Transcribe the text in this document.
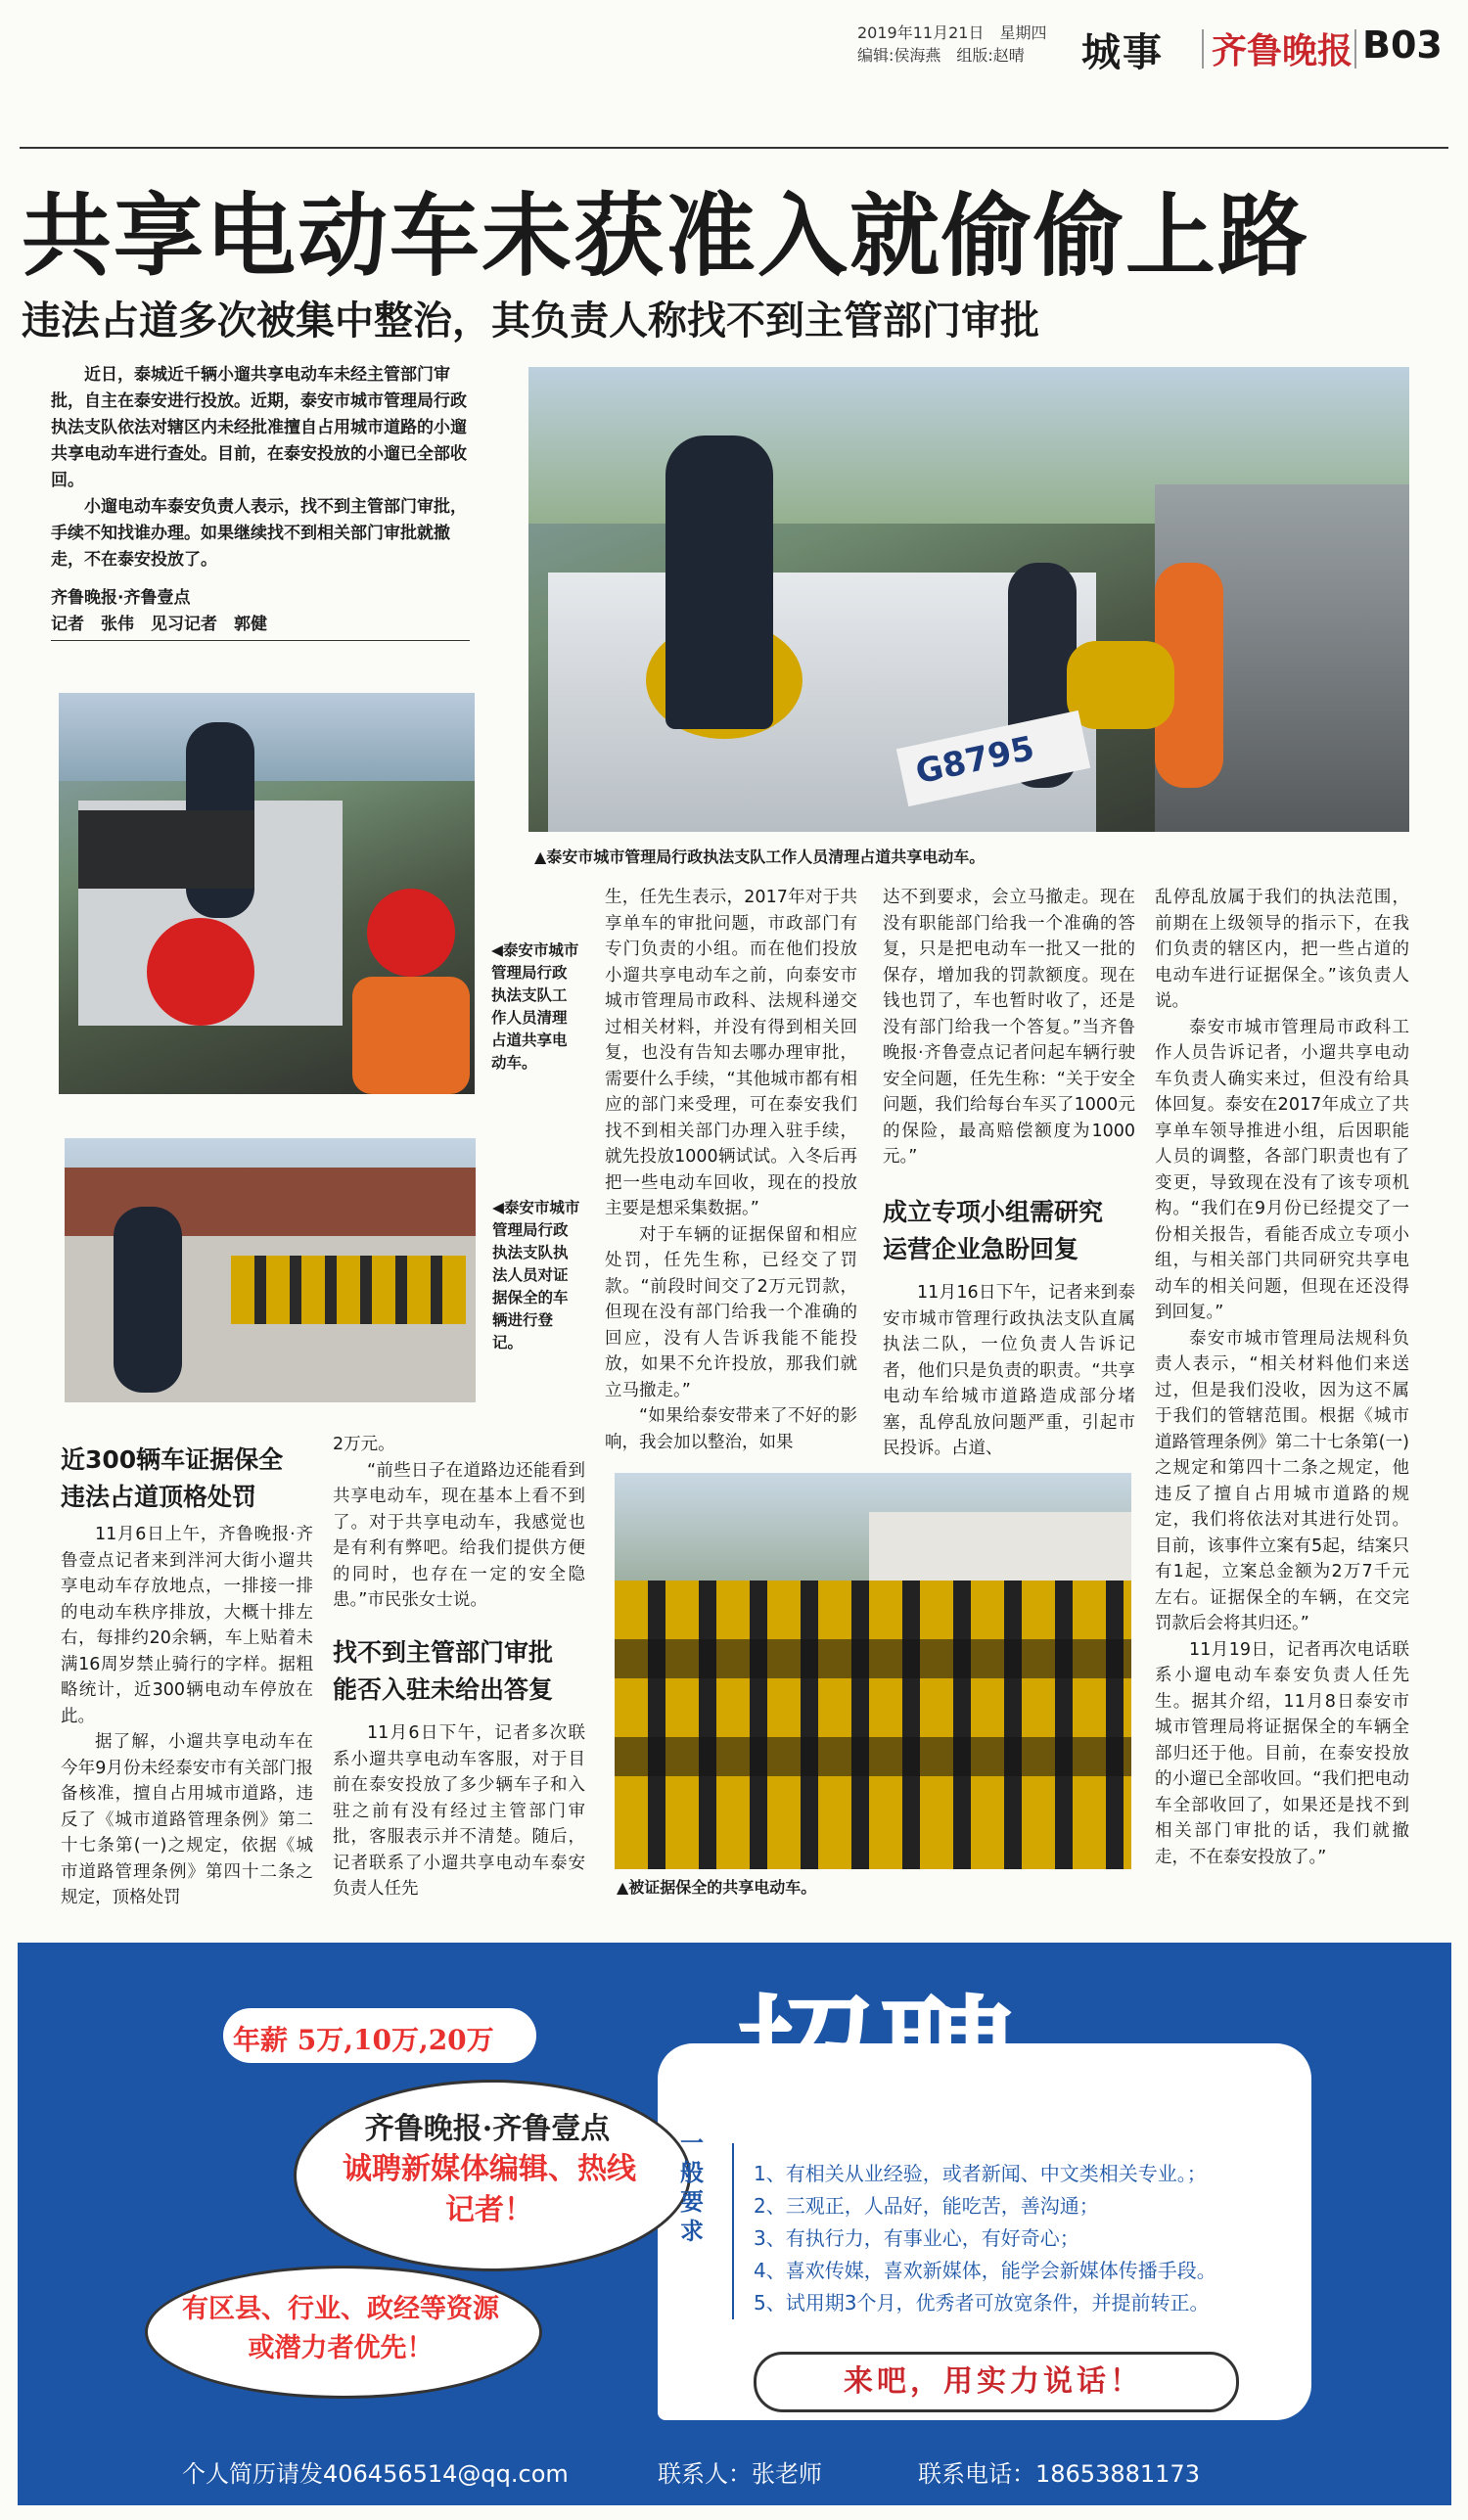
2019年11月21日　星期四
编辑:侯海燕　组版:赵晴	城事 齐鲁晚报 B03
共享电动车未获准入就偷偷上路
违法占道多次被集中整治，其负责人称找不到主管部门审批

近日，泰城近千辆小遛共享电动车未经主管部门审批，自主在泰安进行投放。近期，泰安市城市管理局行政执法支队依法对辖区内未经批准擅自占用城市道路的小遛共享电动车进行查处。目前，在泰安投放的小遛已全部收回。

小遛电动车泰安负责人表示，找不到主管部门审批，手续不知找谁办理。如果继续找不到相关部门审批就撤走，不在泰安投放了。

齐鲁晚报·齐鲁壹点
记者　张伟　见习记者　郭健
G8795
▲泰安市城市管理局行政执法支队工作人员清理占道共享电动车。
◀泰安市城市管理局行政执法支队工作人员清理占道共享电动车。
◀泰安市城市管理局行政执法支队执法人员对证据保全的车辆进行登记。
近300辆车证据保全
违法占道顶格处罚

11月6日上午，齐鲁晚报·齐鲁壹点记者来到泮河大街小遛共享电动车存放地点，一排接一排的电动车秩序排放，大概十排左右，每排约20余辆，车上贴着未满16周岁禁止骑行的字样。据粗略统计，近300辆电动车停放在此。

据了解，小遛共享电动车在今年9月份未经泰安市有关部门报备核准，擅自占用城市道路，违反了《城市道路管理条例》第二十七条第(一)之规定，依据《城市道路管理条例》第四十二条之规定，顶格处罚

2万元。

“前些日子在道路边还能看到共享电动车，现在基本上看不到了。对于共享电动车，我感觉也是有利有弊吧。给我们提供方便的同时，也存在一定的安全隐患。”市民张女士说。

找不到主管部门审批
能否入驻未给出答复

11月6日下午，记者多次联系小遛共享电动车客服，对于目前在泰安投放了多少辆车子和入驻之前有没有经过主管部门审批，客服表示并不清楚。随后，记者联系了小遛共享电动车泰安负责人任先

生，任先生表示，2017年对于共享单车的审批问题，市政部门有专门负责的小组。而在他们投放小遛共享电动车之前，向泰安市城市管理局市政科、法规科递交过相关材料，并没有得到相关回复，也没有告知去哪办理审批，需要什么手续，“其他城市都有相应的部门来受理，可在泰安我们找不到相关部门办理入驻手续，就先投放1000辆试试。入冬后再把一些电动车回收，现在的投放主要是想采集数据。”

对于车辆的证据保留和相应处罚，任先生称，已经交了罚款。“前段时间交了2万元罚款，但现在没有部门给我一个准确的回应，没有人告诉我能不能投放，如果不允许投放，那我们就立马撤走。”

“如果给泰安带来了不好的影响，我会加以整治，如果

达不到要求，会立马撤走。现在没有职能部门给我一个准确的答复，只是把电动车一批又一批的保存，增加我的罚款额度。现在钱也罚了，车也暂时收了，还是没有部门给我一个答复。”当齐鲁晚报·齐鲁壹点记者问起车辆行驶安全问题，任先生称：“关于安全问题，我们给每台车买了1000元的保险，最高赔偿额度为1000元。”

成立专项小组需研究
运营企业急盼回复

11月16日下午，记者来到泰安市城市管理行政执法支队直属执法二队，一位负责人告诉记者，他们只是负责的职责。“共享电动车给城市道路造成部分堵塞，乱停乱放问题严重，引起市民投诉。占道、

乱停乱放属于我们的执法范围，前期在上级领导的指示下，在我们负责的辖区内，把一些占道的电动车进行证据保全。”该负责人说。

泰安市城市管理局市政科工作人员告诉记者，小遛共享电动车负责人确实来过，但没有给具体回复。泰安在2017年成立了共享单车领导推进小组，后因职能人员的调整，各部门职责也有了变更，导致现在没有了该专项机构。“我们在9月份已经提交了一份相关报告，看能否成立专项小组，与相关部门共同研究共享电动车的相关问题，但现在还没得到回复。”

泰安市城市管理局法规科负责人表示，“相关材料他们来送过，但是我们没收，因为这不属于我们的管辖范围。根据《城市道路管理条例》第二十七条第(一)之规定和第四十二条之规定，他违反了擅自占用城市道路的规定，我们将依法对其进行处罚。目前，该事件立案有5起，结案只有1起，立案总金额为2万7千元左右。证据保全的车辆，在交完罚款后会将其归还。”

11月19日，记者再次电话联系小遛电动车泰安负责人任先生。据其介绍，11月8日泰安市城市管理局将证据保全的车辆全部归还于他。目前，在泰安投放的小遛已全部收回。“我们把电动车全部收回了，如果还是找不到相关部门审批的话，我们就撤走，不在泰安投放了。”

▲被证据保全的共享电动车。
招聘
年薪 5万,10万,20万
齐鲁晚报·齐鲁壹点
诚聘新媒体编辑、热线记者！
有区县、行业、政经等资源或潜力者优先！
一般要求
1、有相关从业经验，或者新闻、中文类相关专业。；
2、三观正，人品好，能吃苦，善沟通；
3、有执行力，有事业心，有好奇心；
4、喜欢传媒，喜欢新媒体，能学会新媒体传播手段。
5、试用期3个月，优秀者可放宽条件，并提前转正。
来吧，用实力说话！
个人简历请发406456514@qq.com	联系人：张老师	联系电话：18653881173
